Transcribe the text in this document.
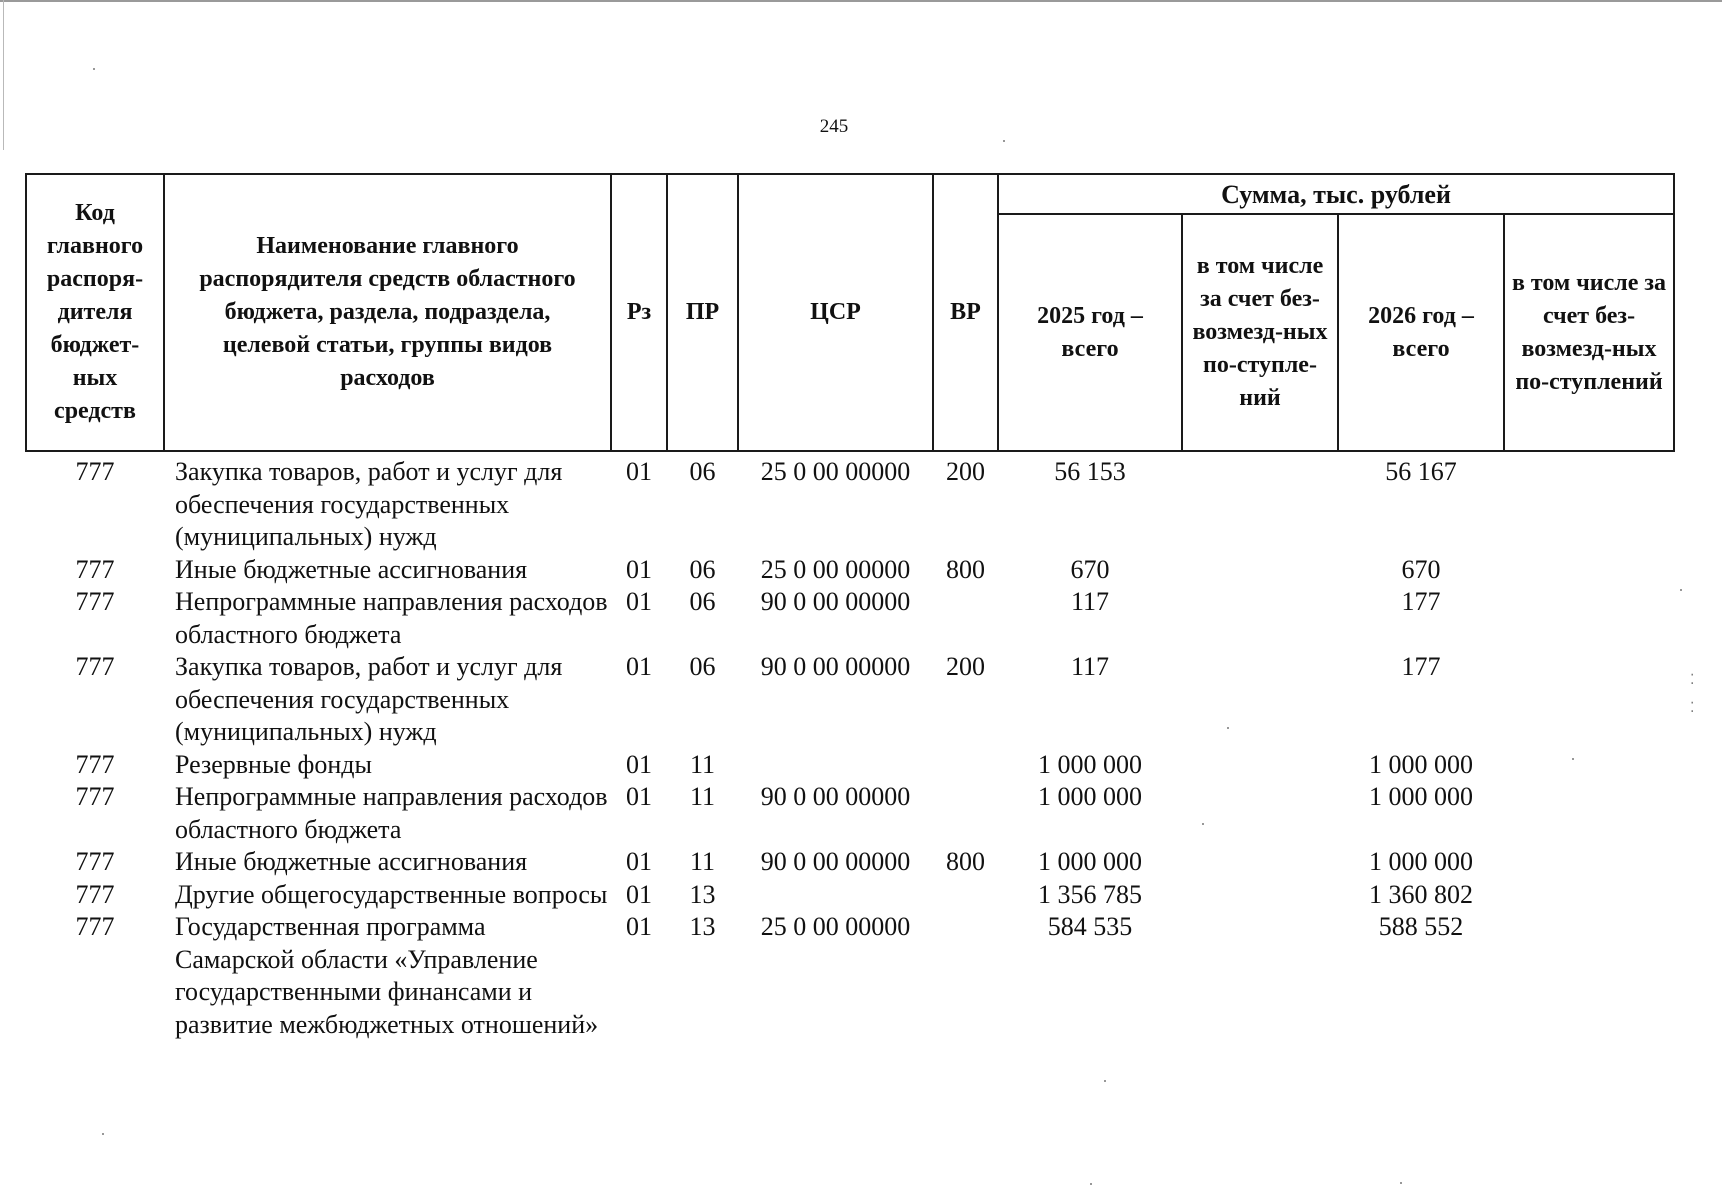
245
Код главного распоря-дителя бюджет-ных средств	Наименование главного распорядителя средств областного бюджета, раздела, подраздела, целевой статьи, группы видов расходов	Рз	ПР	ЦСР	ВР	Сумма, тыс. рублей			
						2025 год – всего	в том числе за счет без-возмезд-ных по-ступле-ний	2026 год – всего	в том числе за счет без-возмезд-ных по-ступлений
777	Закупка товаров, работ и услуг для обеспечения государственных (муниципальных) нужд	01	06	25 0 00 00000	200	56 153		56 167	
777	Иные бюджетные ассигнования	01	06	25 0 00 00000	800	670		670	
777	Непрограммные направления расходов областного бюджета	01	06	90 0 00 00000		117		177	
777	Закупка товаров, работ и услуг для обеспечения государственных (муниципальных) нужд	01	06	90 0 00 00000	200	117		177	
777	Резервные фонды	01	11			1 000 000		1 000 000	
777	Непрограммные направления расходов областного бюджета	01	11	90 0 00 00000		1 000 000		1 000 000	
777	Иные бюджетные ассигнования	01	11	90 0 00 00000	800	1 000 000		1 000 000	
777	Другие общегосударственные вопросы	01	13			1 356 785		1 360 802	
777	Государственная программа Самарской области «Управление государственными финансами и развитие межбюджетных отношений»	01	13	25 0 00 00000		584 535		588 552	
⁚
⁚
